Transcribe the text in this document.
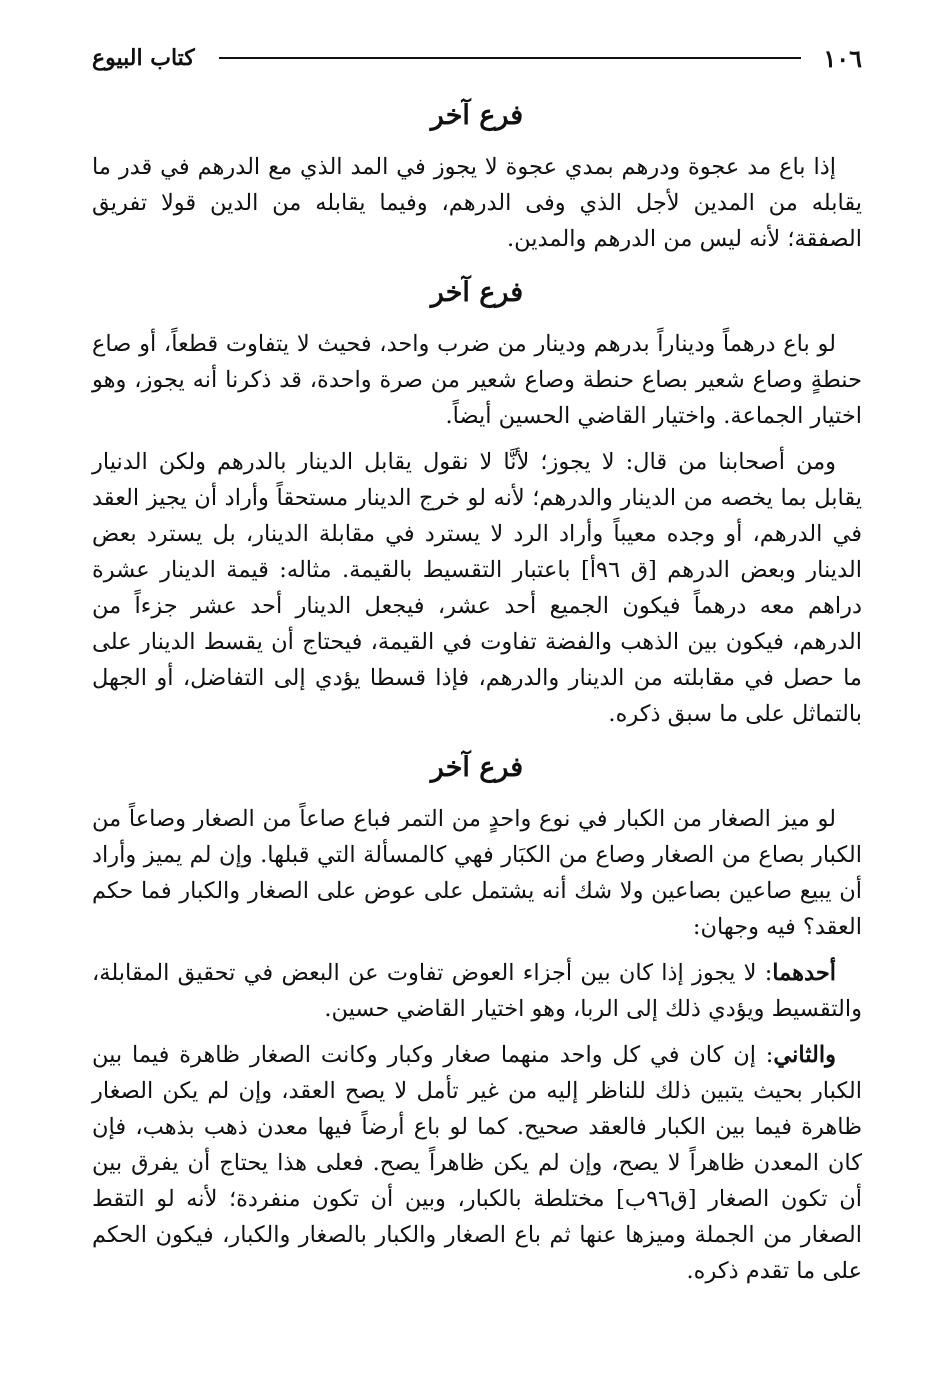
١٠٦
كتاب البيوع
فرع آخر

إذا باع مد عجوة ودرهم بمدي عجوة لا يجوز في المد الذي مع الدرهم في قدر ما يقابله من المدين لأجل الذي وفى الدرهم، وفيما يقابله من الدين قولا تفريق الصفقة؛ لأنه ليس من الدرهم والمدين.

فرع آخر

لو باع درهماً وديناراً بدرهم ودينار من ضرب واحد، فحيث لا يتفاوت قطعاً، أو صاع حنطةٍ وصاع شعير بصاع حنطة وصاع شعير من صرة واحدة، قد ذكرنا أنه يجوز، وهو اختيار الجماعة. واختيار القاضي الحسين أيضاً.

ومن أصحابنا من قال: لا يجوز؛ لأنَّا لا نقول يقابل الدينار بالدرهم ولكن الدنيار يقابل بما يخصه من الدينار والدرهم؛ لأنه لو خرج الدينار مستحقاً وأراد أن يجيز العقد في الدرهم، أو وجده معيباً وأراد الرد لا يسترد في مقابلة الدينار، بل يسترد بعض الدينار وبعض الدرهم [ق ٩٦أ] باعتبار التقسيط بالقيمة. مثاله: قيمة الدينار عشرة دراهم معه درهماً فيكون الجميع أحد عشر، فيجعل الدينار أحد عشر جزءاً من الدرهم، فيكون بين الذهب والفضة تفاوت في القيمة، فيحتاج أن يقسط الدينار على ما حصل في مقابلته من الدينار والدرهم، فإذا قسطا يؤدي إلى التفاضل، أو الجهل بالتماثل على ما سبق ذكره.

فرع آخر

لو ميز الصغار من الكبار في نوع واحدٍ من التمر فباع صاعاً من الصغار وصاعاً من الكبار بصاع من الصغار وصاع من الكبَار فهي كالمسألة التي قبلها. وإن لم يميز وأراد أن يبيع صاعين بصاعين ولا شك أنه يشتمل على عوض على الصغار والكبار فما حكم العقد؟ فيه وجهان:

أحدهما: لا يجوز إذا كان بين أجزاء العوض تفاوت عن البعض في تحقيق المقابلة، والتقسيط ويؤدي ذلك إلى الربا، وهو اختيار القاضي حسين.

والثاني: إن كان في كل واحد منهما صغار وكبار وكانت الصغار ظاهرة فيما بين الكبار بحيث يتبين ذلك للناظر إليه من غير تأمل لا يصح العقد، وإن لم يكن الصغار ظاهرة فيما بين الكبار فالعقد صحيح. كما لو باع أرضاً فيها معدن ذهب بذهب، فإن كان المعدن ظاهراً لا يصح، وإن لم يكن ظاهراً يصح. فعلى هذا يحتاج أن يفرق بين أن تكون الصغار [ق٩٦ب] مختلطة بالكبار، وبين أن تكون منفردة؛ لأنه لو التقط الصغار من الجملة وميزها عنها ثم باع الصغار والكبار بالصغار والكبار، فيكون الحكم على ما تقدم ذكره.
